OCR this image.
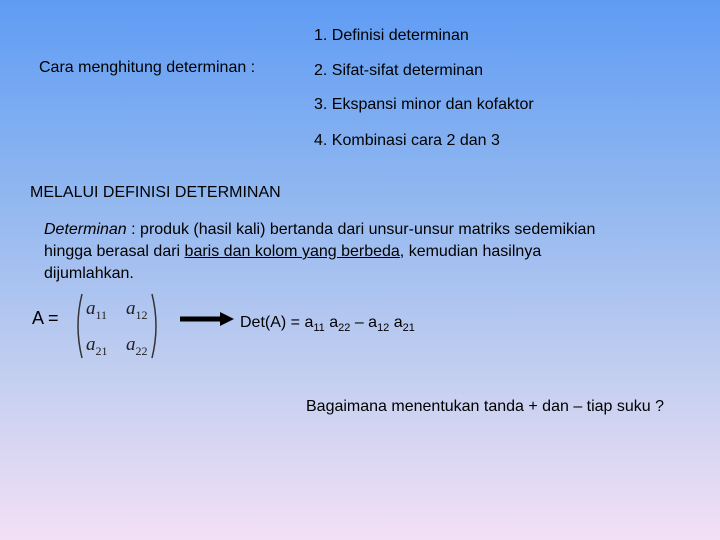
Cara menghitung determinan :
1. Definisi determinan
2. Sifat-sifat determinan
3. Ekspansi minor dan kofaktor
4. Kombinasi cara 2 dan 3
MELALUI DEFINISI DETERMINAN
Determinan : produk (hasil kali) bertanda dari unsur-unsur matriks sedemikian hingga berasal dari baris dan kolom yang berbeda, kemudian hasilnya dijumlahkan.
$A = a_{11}$ $a_{12}$
$a_{21}$ $a_{22}$
$Det(A) = a_{11}$ $a_{22} - a_{12}$ $a_{21}$
Bagaimana menentukan tanda + dan – tiap suku ?
